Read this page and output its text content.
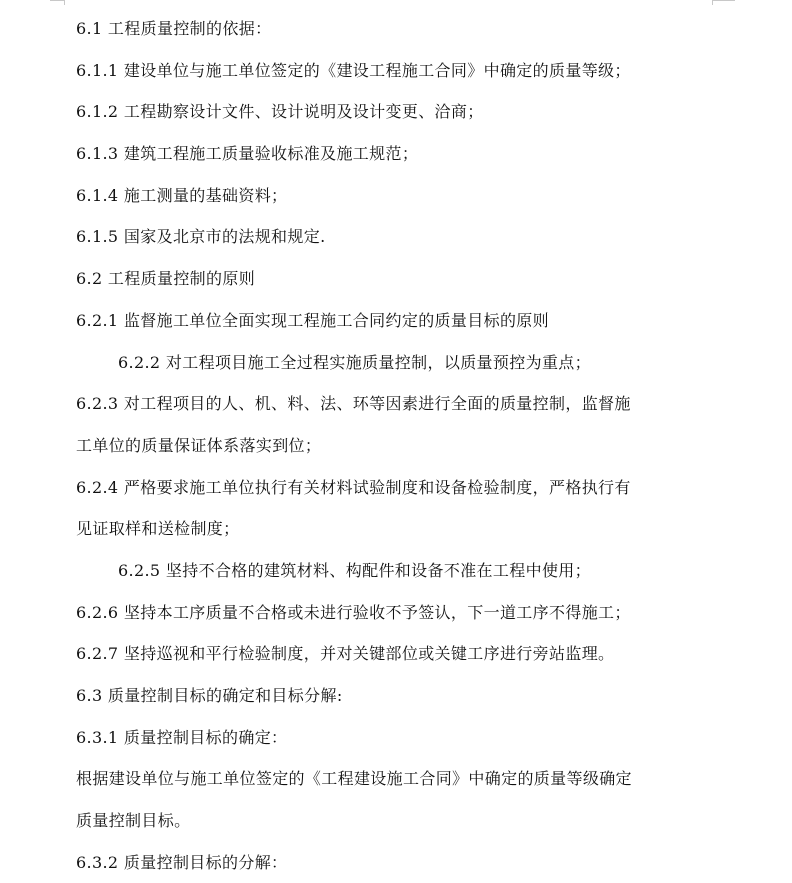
6.1 工程质量控制的依据：
6.1.1 建设单位与施工单位签定的《建设工程施工合同》中确定的质量等级；
6.1.2 工程勘察设计文件、设计说明及设计变更、洽商；
6.1.3 建筑工程施工质量验收标准及施工规范；
6.1.4 施工测量的基础资料；
6.1.5 国家及北京市的法规和规定.
6.2 工程质量控制的原则
6.2.1 监督施工单位全面实现工程施工合同约定的质量目标的原则
6.2.2 对工程项目施工全过程实施质量控制，以质量预控为重点；
6.2.3 对工程项目的人、机、料、法、环等因素进行全面的质量控制，监督施
工单位的质量保证体系落实到位；
6.2.4 严格要求施工单位执行有关材料试验制度和设备检验制度，严格执行有
见证取样和送检制度；
6.2.5 坚持不合格的建筑材料、构配件和设备不准在工程中使用；
6.2.6 坚持本工序质量不合格或未进行验收不予签认，下一道工序不得施工；
6.2.7 坚持巡视和平行检验制度，并对关键部位或关键工序进行旁站监理。
6.3 质量控制目标的确定和目标分解:
6.3.1 质量控制目标的确定：
根据建设单位与施工单位签定的《工程建设施工合同》中确定的质量等级确定
质量控制目标。
6.3.2 质量控制目标的分解：
